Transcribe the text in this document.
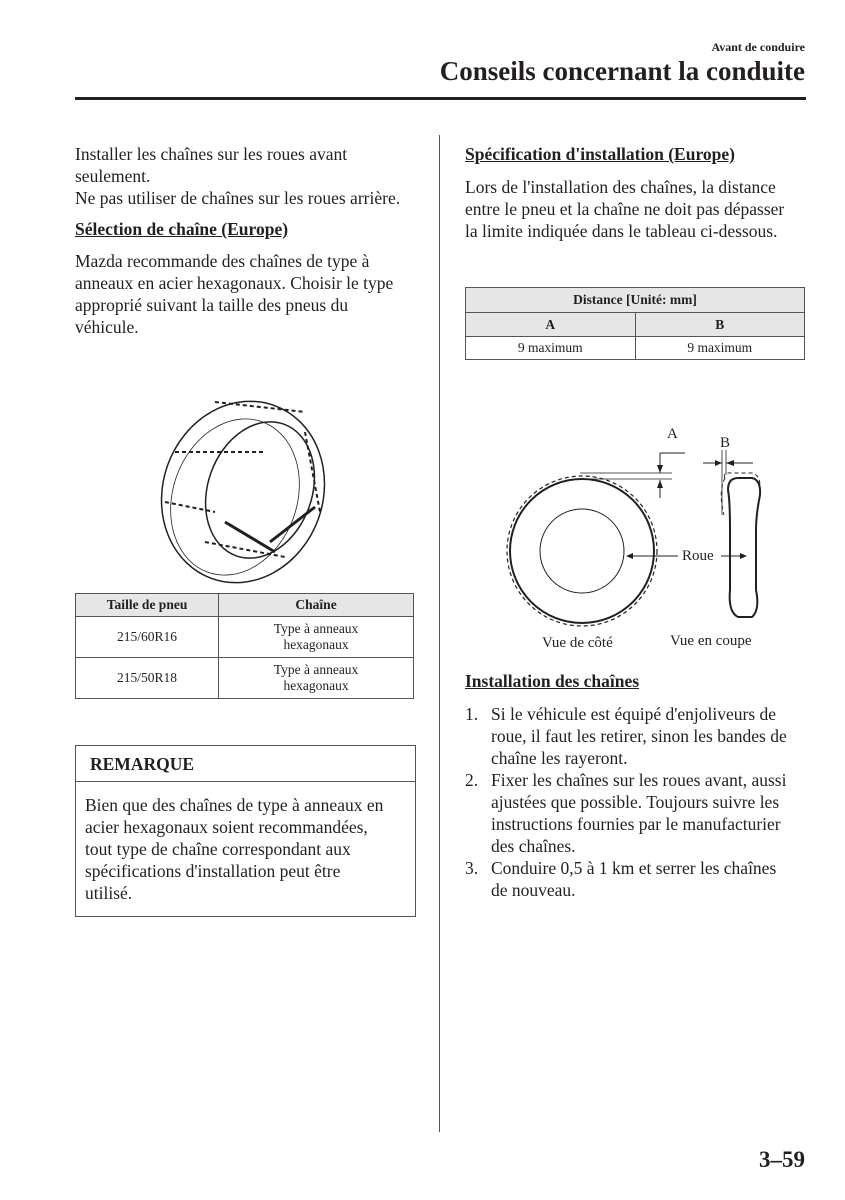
Avant de conduire
Conseils concernant la conduite

Installer les chaînes sur les roues avant seulement.

Ne pas utiliser de chaînes sur les roues arrière.

Sélection de chaîne (Europe)

Mazda recommande des chaînes de type à anneaux en acier hexagonaux. Choisir le type approprié suivant la taille des pneus du véhicule.

Taille de pneu	Chaîne
215/60R16	Type à anneaux hexagonaux

215/50R18	Type à anneaux hexagonaux
REMARQUE

Bien que des chaînes de type à anneaux en acier hexagonaux soient recommandées, tout type de chaîne correspondant aux spécifications d'installation peut être utilisé.

Spécification d'installation (Europe)

Lors de l'installation des chaînes, la distance entre le pneu et la chaîne ne doit pas dépasser la limite indiquée dans le tableau ci-dessous.

Distance [Unité: mm]	
A	B
9 maximum	9 maximum
A
B
Roue
Vue de côté	Vue en coupe
Installation des chaînes
1. Si le véhicule est équipé d'enjoliveurs de roue, il faut les retirer, sinon les bandes de chaîne les rayeront.
2. Fixer les chaînes sur les roues avant, aussi ajustées que possible. Toujours suivre les instructions fournies par le manufacturier des chaînes.
3. Conduire 0,5 à 1 km et serrer les chaînes de nouveau.
3–59
